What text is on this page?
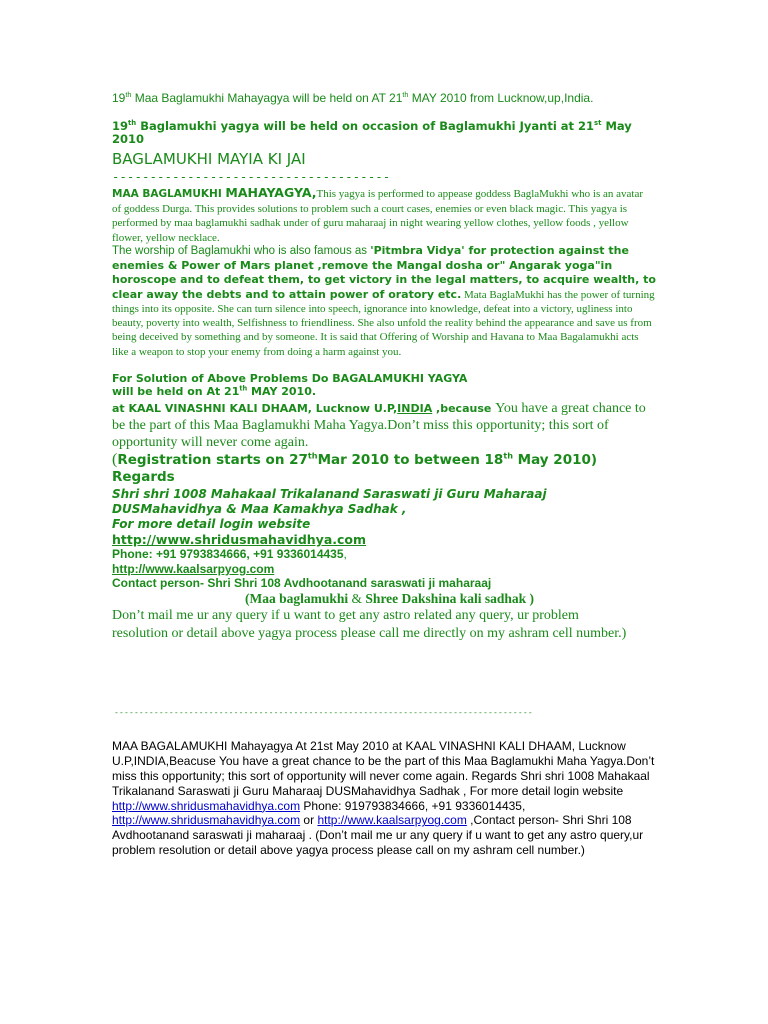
19th Maa Baglamukhi Mahayagya will be held on AT 21th MAY 2010 from Lucknow,up,India.

19th Baglamukhi yagya will be held on occasion of Baglamukhi Jyanti at 21st May 2010

BAGLAMUKHI MAYIA KI JAI

-------------------------------------

MAA BAGLAMUKHI MAHAYAGYA,This yagya is performed to appease goddess BaglaMukhi who is an avatar of goddess Durga. This provides solutions to problem such a court cases, enemies or even black magic. This yagya is performed by maa baglamukhi sadhak under of guru maharaaj in night wearing yellow clothes, yellow foods , yellow flower, yellow necklace.

The worship of Baglamukhi who is also famous as 'Pitmbra Vidya' for protection against the enemies & Power of Mars planet ,remove the Mangal dosha or" Angarak yoga"in horoscope and to defeat them, to get victory in the legal matters, to acquire wealth, to clear away the debts and to attain power of oratory etc. Mata BaglaMukhi has the power of turning things into its opposite. She can turn silence into speech, ignorance into knowledge, defeat into a victory, ugliness into beauty, poverty into wealth, Selfishness to friendliness. She also unfold the reality behind the appearance and save us from being deceived by something and by someone. It is said that Offering of Worship and Havana to Maa Bagalamukhi acts like a weapon to stop your enemy from doing a harm against you.

For Solution of Above Problems Do BAGALAMUKHI YAGYA
will be held on At 21th MAY 2010.

at KAAL VINASHNI KALI DHAAM, Lucknow U.P,INDIA ,because You have a great chance to be the part of this Maa Baglamukhi Maha Yagya.Don’t miss this opportunity; this sort of opportunity will never come again.

(Registration starts on 27thMar 2010 to between 18th May 2010)

Regards

Shri shri 1008 Mahakaal Trikalanand Saraswati ji Guru Maharaaj

DUSMahavidhya & Maa Kamakhya Sadhak ,

For more detail login website

http://www.shridusmahavidhya.com

Phone: +91 9793834666, +91 9336014435,

http://www.kaalsarpyog.com

Contact person- Shri Shri 108 Avdhootanand saraswati ji maharaaj

(Maa baglamukhi & Shree Dakshina kali sadhak )

Don’t mail me ur any query if u want to get any astro related any query, ur problem resolution or detail above yagya process please call me directly on my ashram cell number.)

------------------------------------------------------------------------------------

MAA BAGALAMUKHI Mahayagya At 21st May 2010 at KAAL VINASHNI KALI DHAAM, Lucknow U.P,INDIA,Beacuse You have a great chance to be the part of this Maa Baglamukhi Maha Yagya.Don’t miss this opportunity; this sort of opportunity will never come again. Regards Shri shri 1008 Mahakaal Trikalanand Saraswati ji Guru Maharaaj DUSMahavidhya Sadhak , For more detail login website http://www.shridusmahavidhya.com Phone: 919793834666, +91 9336014435, http://www.shridusmahavidhya.com or http://www.kaalsarpyog.com ,Contact person- Shri Shri 108 Avdhootanand saraswati ji maharaaj . (Don’t mail me ur any query if u want to get any astro query,ur problem resolution or detail above yagya process please call on my ashram cell number.)
